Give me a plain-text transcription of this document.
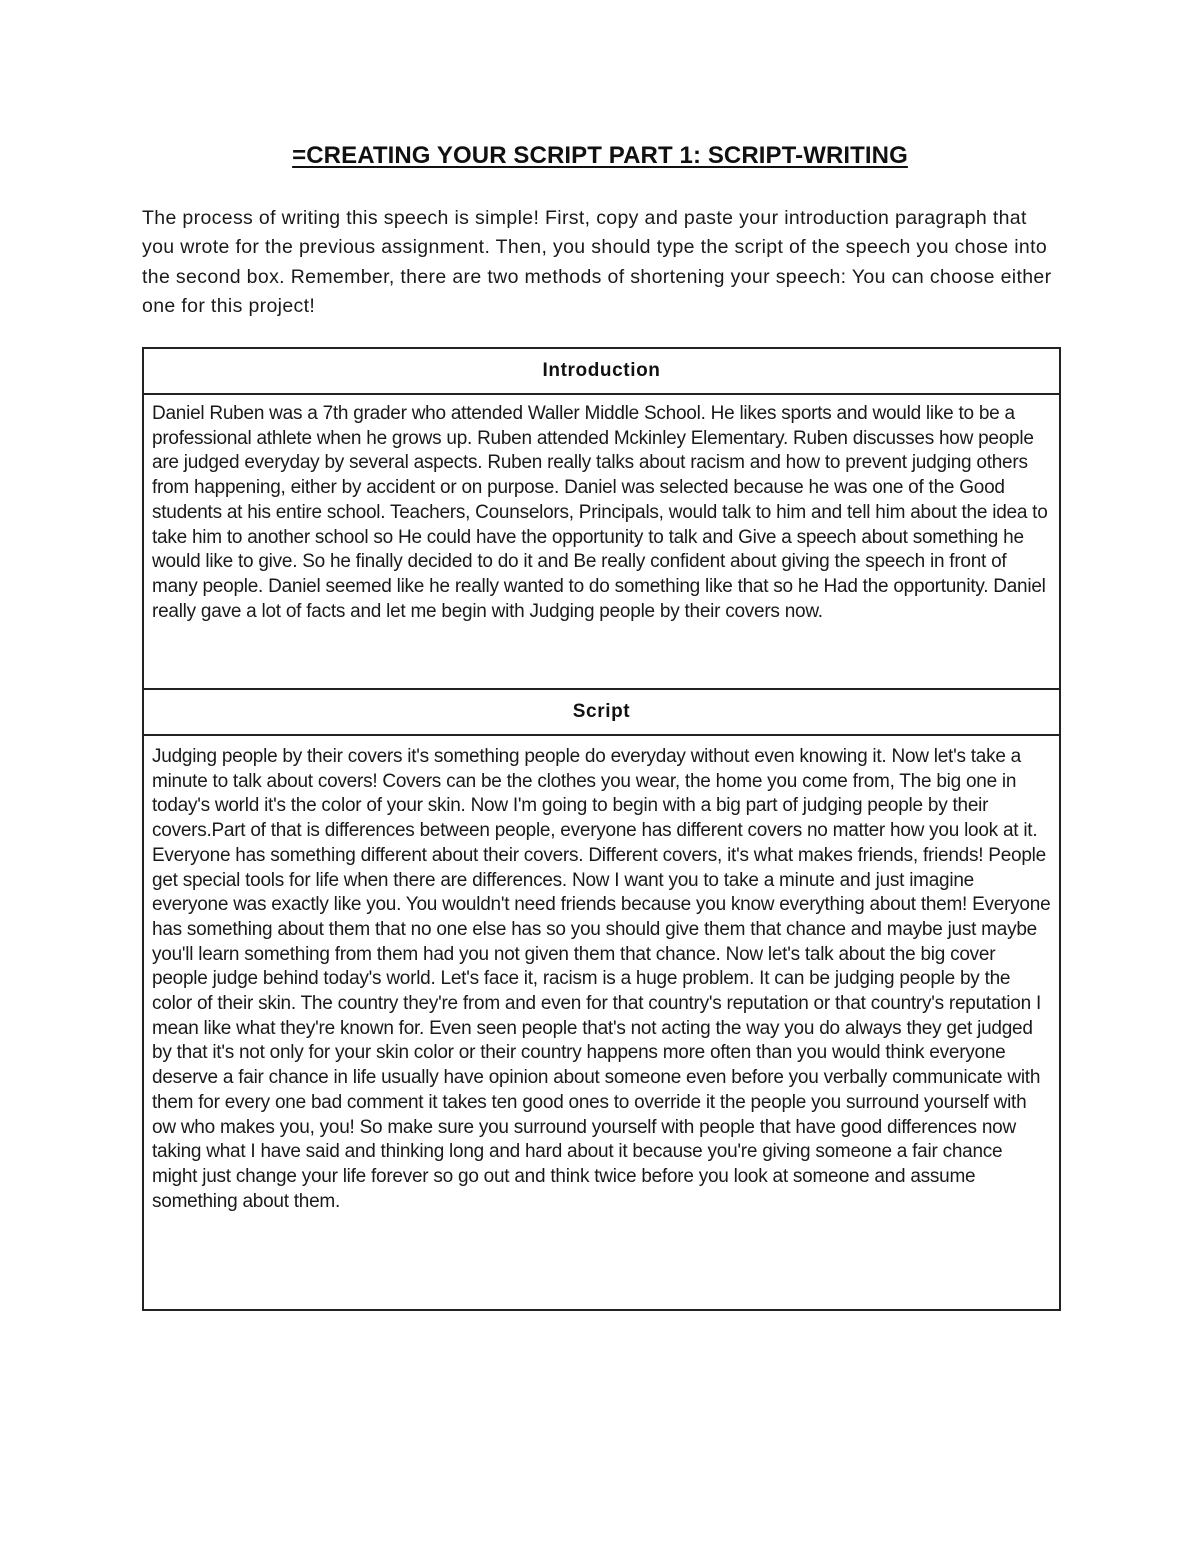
=CREATING YOUR SCRIPT PART 1: SCRIPT-WRITING

The process of writing this speech is simple! First, copy and paste your introduction paragraph that you wrote for the previous assignment. Then, you should type the script of the speech you chose into the second box. Remember, there are two methods of shortening your speech: You can choose either one for this project!

Introduction
Daniel Ruben was a 7th grader who attended Waller Middle School. He likes sports and would like to be a professional athlete when he grows up. Ruben attended Mckinley Elementary. Ruben discusses how people are judged everyday by several aspects. Ruben really talks about racism and how to prevent judging others from happening, either by accident or on purpose. Daniel was selected because he was one of the Good students at his entire school. Teachers, Counselors, Principals, would talk to him and tell him about the idea to take him to another school so He could have the opportunity to talk and Give a speech about something he would like to give. So he finally decided to do it and Be really confident about giving the speech in front of many people. Daniel seemed like he really wanted to do something like that so he Had the opportunity. Daniel really gave a lot of facts and let me begin with Judging people by their covers now.
Script
Judging people by their covers it's something people do everyday without even knowing it. Now let's take a minute to talk about covers! Covers can be the clothes you wear, the home you come from, The big one in today's world it's the color of your skin. Now I'm going to begin with a big part of judging people by their covers.Part of that is differences between people, everyone has different covers no matter how you look at it. Everyone has something different about their covers. Different covers, it's what makes friends, friends! People get special tools for life when there are differences. Now I want you to take a minute and just imagine everyone was exactly like you. You wouldn't need friends because you know everything about them! Everyone has something about them that no one else has so you should give them that chance and maybe just maybe you'll learn something from them had you not given them that chance. Now let's talk about the big cover people judge behind today's world. Let's face it, racism is a huge problem. It can be judging people by the color of their skin. The country they're from and even for that country's reputation or that country's reputation I mean like what they're known for. Even seen people that's not acting the way you do always they get judged by that it's not only for your skin color or their country happens more often than you would think everyone deserve a fair chance in life usually have opinion about someone even before you verbally communicate with them for every one bad comment it takes ten good ones to override it the people you surround yourself with ow who makes you, you! So make sure you surround yourself with people that have good differences now taking what I have said and thinking long and hard about it because you're giving someone a fair chance might just change your life forever so go out and think twice before you look at someone and assume something about them.
